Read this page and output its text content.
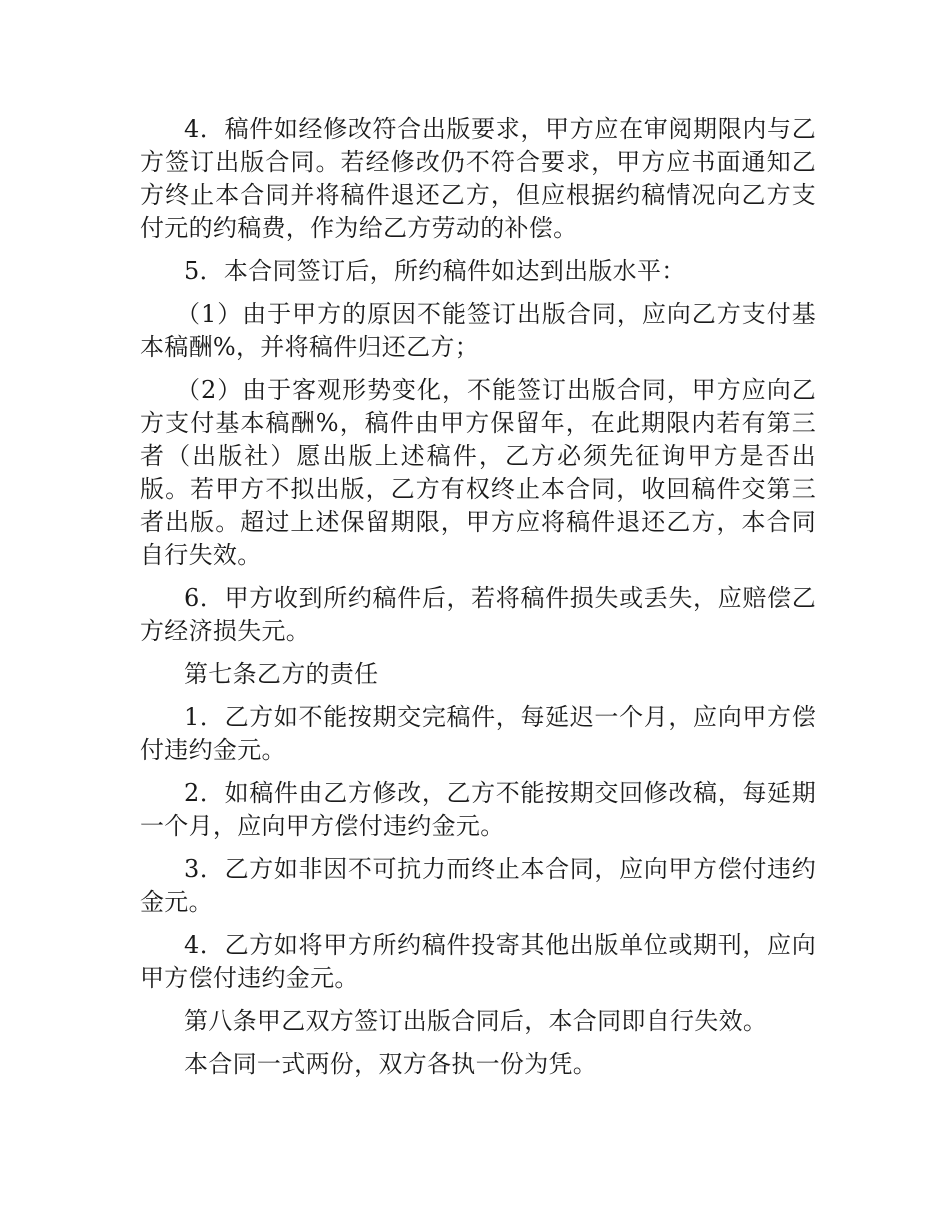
4．稿件如经修改符合出版要求，甲方应在审阅期限内与乙方签订出版合同。若经修改仍不符合要求，甲方应书面通知乙方终止本合同并将稿件退还乙方，但应根据约稿情况向乙方支付元的约稿费，作为给乙方劳动的补偿。

5．本合同签订后，所约稿件如达到出版水平：

（1）由于甲方的原因不能签订出版合同，应向乙方支付基本稿酬%，并将稿件归还乙方；

（2）由于客观形势变化，不能签订出版合同，甲方应向乙方支付基本稿酬%，稿件由甲方保留年，在此期限内若有第三者（出版社）愿出版上述稿件，乙方必须先征询甲方是否出版。若甲方不拟出版，乙方有权终止本合同，收回稿件交第三者出版。超过上述保留期限，甲方应将稿件退还乙方，本合同自行失效。

6．甲方收到所约稿件后，若将稿件损失或丢失，应赔偿乙方经济损失元。

第七条乙方的责任

1．乙方如不能按期交完稿件，每延迟一个月，应向甲方偿付违约金元。

2．如稿件由乙方修改，乙方不能按期交回修改稿，每延期一个月，应向甲方偿付违约金元。

3．乙方如非因不可抗力而终止本合同，应向甲方偿付违约金元。

4．乙方如将甲方所约稿件投寄其他出版单位或期刊，应向甲方偿付违约金元。

第八条甲乙双方签订出版合同后，本合同即自行失效。

本合同一式两份，双方各执一份为凭。
